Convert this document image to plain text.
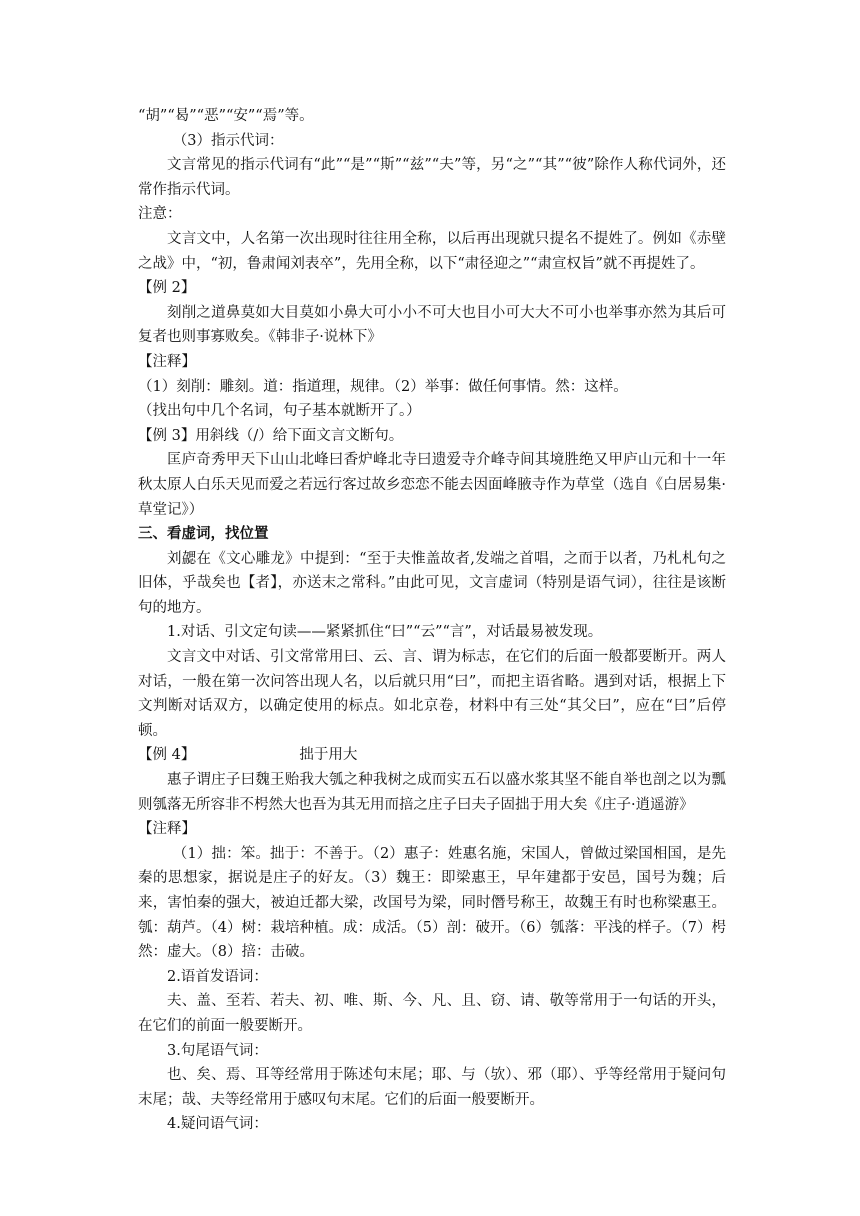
“胡”“曷”“恶”“安”“焉”等。

（3）指示代词：

文言常见的指示代词有“此”“是”“斯”“兹”“夫”等，另“之”“其”“彼”除作人称代词外，还常作指示代词。

注意：

文言文中，人名第一次出现时往往用全称，以后再出现就只提名不提姓了。例如《赤壁之战》中，“初，鲁肃闻刘表卒”，先用全称，以下“肃径迎之”“肃宣权旨”就不再提姓了。

【例 2】

刻削之道鼻莫如大目莫如小鼻大可小小不可大也目小可大大不可小也举事亦然为其后可复者也则事寡败矣。《韩非子·说林下》

【注释】

（1）刻削：雕刻。道：指道理，规律。（2）举事：做任何事情。然：这样。

（找出句中几个名词，句子基本就断开了。）

【例 3】用斜线（/）给下面文言文断句。

匡庐奇秀甲天下山山北峰曰香炉峰北寺曰遗爱寺介峰寺间其境胜绝又甲庐山元和十一年秋太原人白乐天见而爱之若远行客过故乡恋恋不能去因面峰腋寺作为草堂（选自《白居易集·草堂记》）

三、看虚词，找位置

刘勰在《文心雕龙》中提到：“至于夫惟盖故者,发端之首唱，之而于以者，乃札札句之旧体，乎哉矣也【者】，亦送末之常科。”由此可见，文言虚词（特别是语气词），往往是该断句的地方。

1.对话、引文定句读——紧紧抓住“曰”“云”“言”，对话最易被发现。

文言文中对话、引文常常用曰、云、言、谓为标志，在它们的后面一般都要断开。两人对话，一般在第一次问答出现人名，以后就只用“曰”，而把主语省略。遇到对话，根据上下文判断对话双方，以确定使用的标点。如北京卷，材料中有三处“其父曰”，应在“曰”后停顿。

【例 4】	拙于用大

惠子谓庄子曰魏王贻我大瓠之种我树之成而实五石以盛水浆其坚不能自举也剖之以为瓢则瓠落无所容非不枵然大也吾为其无用而掊之庄子曰夫子固拙于用大矣《庄子·逍遥游》

【注释】

（1）拙：笨。拙于：不善于。（2）惠子：姓惠名施，宋国人，曾做过梁国相国，是先秦的思想家，据说是庄子的好友。（3）魏王：即梁惠王，早年建都于安邑，国号为魏；后来，害怕秦的强大，被迫迁都大梁，改国号为梁，同时僭号称王，故魏王有时也称梁惠王。瓠：葫芦。（4）树：栽培种植。成：成活。（5）剖：破开。（6）瓠落：平浅的样子。（7）枵然：虚大。（8）掊：击破。

2.语首发语词：

夫、盖、至若、若夫、初、唯、斯、今、凡、且、窃、请、敬等常用于一句话的开头，在它们的前面一般要断开。

3.句尾语气词：

也、矣、焉、耳等经常用于陈述句末尾；耶、与（欤）、邪（耶）、乎等经常用于疑问句末尾；哉、夫等经常用于感叹句末尾。它们的后面一般要断开。

4.疑问语气词：
